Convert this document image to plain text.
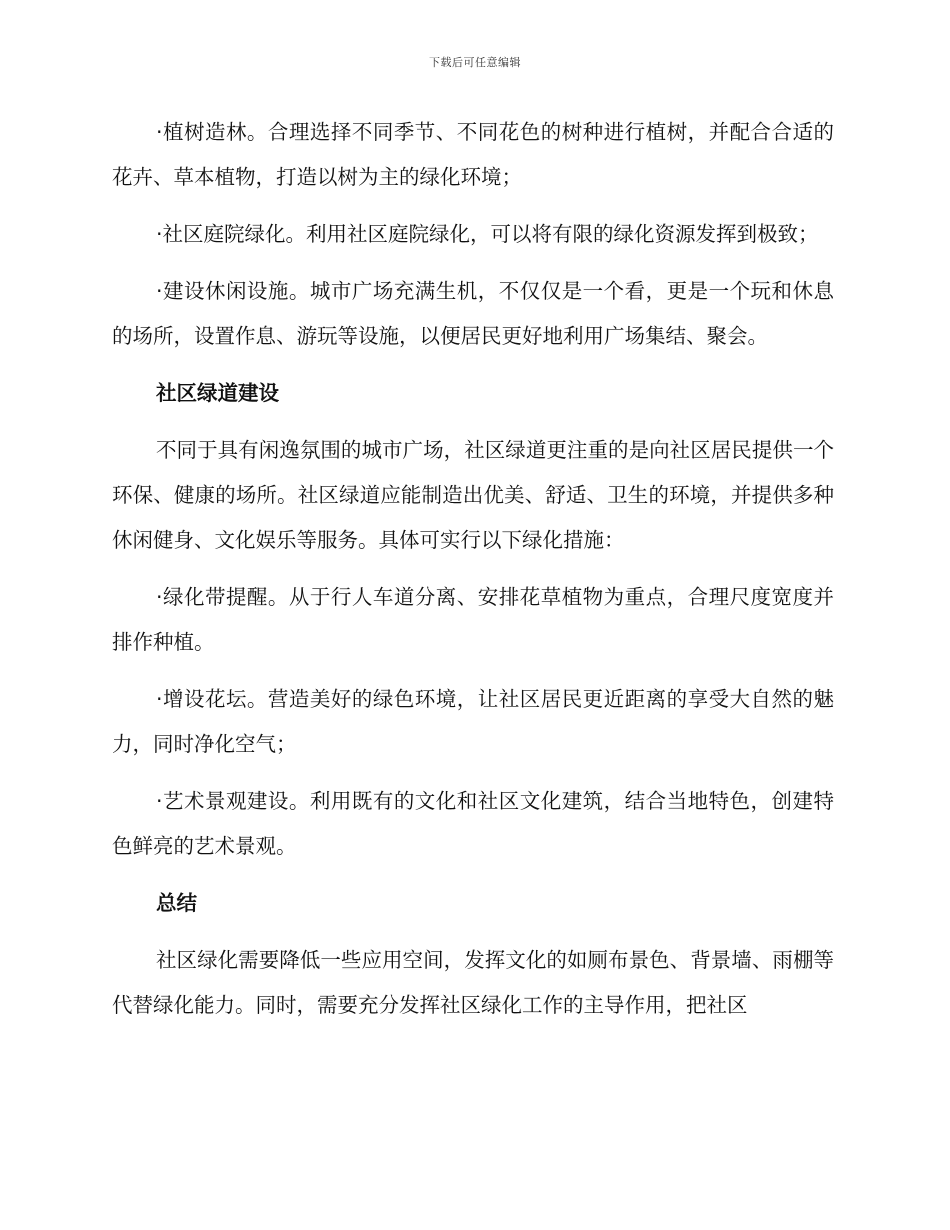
下载后可任意编辑

·植树造林。合理选择不同季节、不同花色的树种进行植树，并配合合适的花卉、草本植物，打造以树为主的绿化环境；

·社区庭院绿化。利用社区庭院绿化，可以将有限的绿化资源发挥到极致；

·建设休闲设施。城市广场充满生机，不仅仅是一个看，更是一个玩和休息的场所，设置作息、游玩等设施，以便居民更好地利用广场集结、聚会。

社区绿道建设

不同于具有闲逸氛围的城市广场，社区绿道更注重的是向社区居民提供一个环保、健康的场所。社区绿道应能制造出优美、舒适、卫生的环境，并提供多种休闲健身、文化娱乐等服务。具体可实行以下绿化措施：

·绿化带提醒。从于行人车道分离、安排花草植物为重点，合理尺度宽度并排作种植。

·增设花坛。营造美好的绿色环境，让社区居民更近距离的享受大自然的魅力，同时净化空气；

·艺术景观建设。利用既有的文化和社区文化建筑，结合当地特色，创建特色鲜亮的艺术景观。

总结

社区绿化需要降低一些应用空间，发挥文化的如厕布景色、背景墙、雨棚等代替绿化能力。同时，需要充分发挥社区绿化工作的主导作用，把社区
